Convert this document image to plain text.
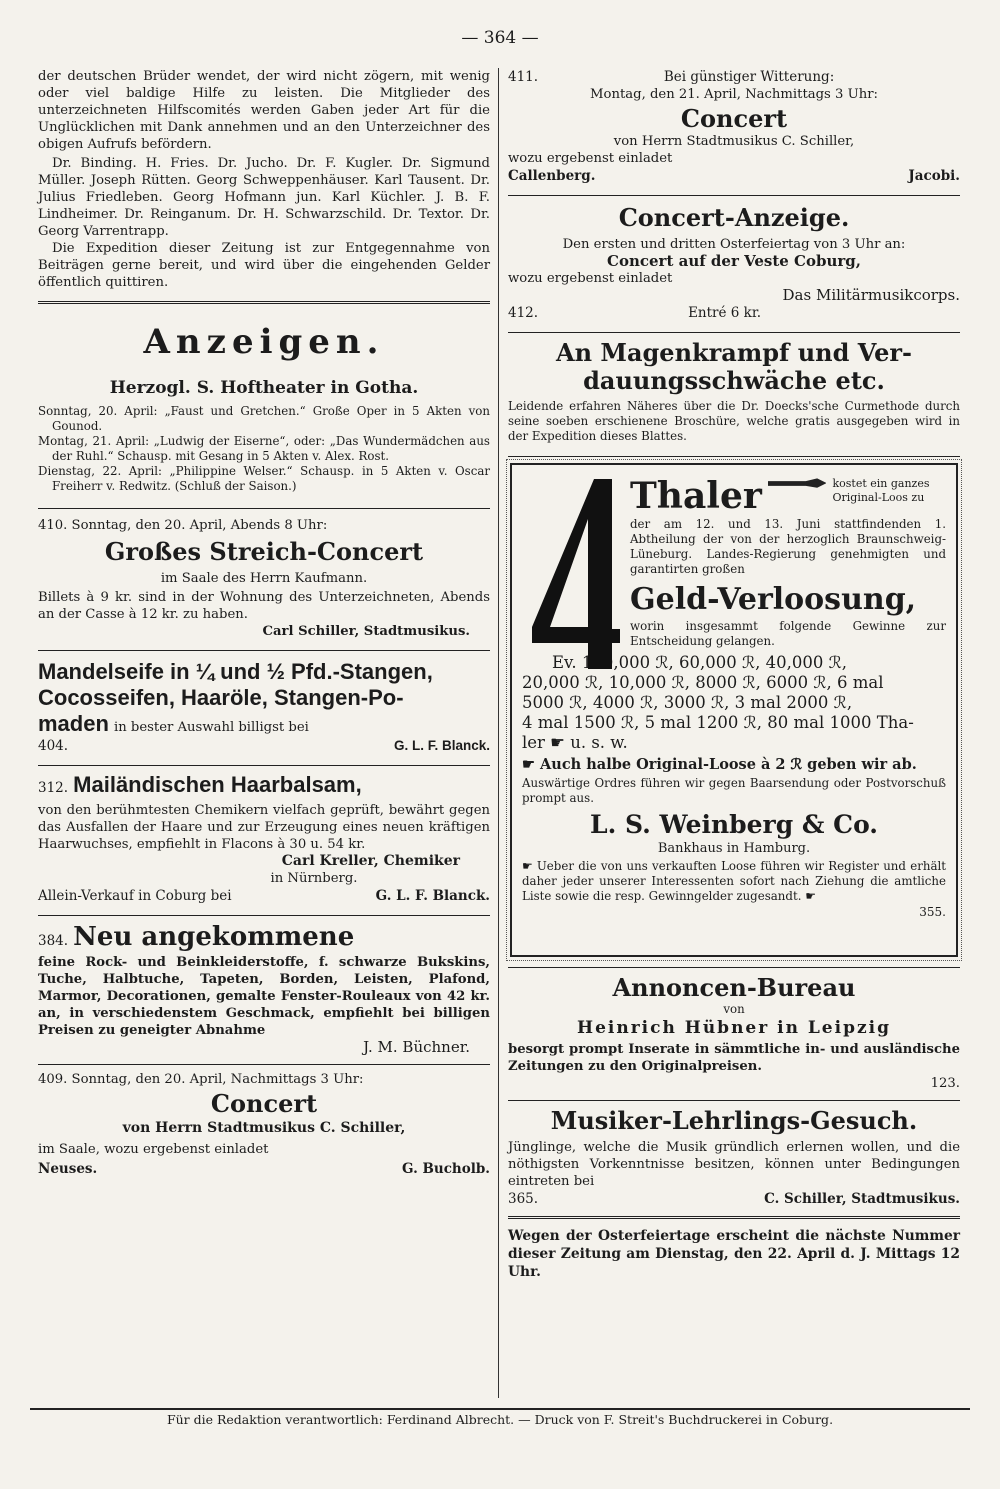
— 364 —

der deutschen Brüder wendet, der wird nicht zögern, mit wenig oder viel baldige Hilfe zu leisten. Die Mitglieder des unterzeichneten Hilfscomités werden Gaben jeder Art für die Unglücklichen mit Dank annehmen und an den Unterzeichner des obigen Aufrufs befördern.

Dr. Binding. H. Fries. Dr. Jucho. Dr. F. Kugler. Dr. Sigmund Müller. Joseph Rütten. Georg Schweppenhäuser. Karl Tausent. Dr. Julius Friedleben. Georg Hofmann jun. Karl Küchler. J. B. F. Lindheimer. Dr. Reinganum. Dr. H. Schwarzschild. Dr. Textor. Dr. Georg Varrentrapp.

Die Expedition dieser Zeitung ist zur Entgegennahme von Beiträgen gerne bereit, und wird über die eingehenden Gelder öffentlich quittiren.

Anzeigen.
Herzogl. S. Hoftheater in Gotha.

Sonntag, 20. April: „Faust und Gretchen.“ Große Oper in 5 Akten von Gounod.

Montag, 21. April: „Ludwig der Eiserne“, oder: „Das Wundermädchen aus der Ruhl.“ Schausp. mit Gesang in 5 Akten v. Alex. Rost.

Dienstag, 22. April: „Philippine Welser.“ Schausp. in 5 Akten v. Oscar Freiherr v. Redwitz. (Schluß der Saison.)

410. Sonntag, den 20. April, Abends 8 Uhr:

Großes Streich-Concert

im Saale des Herrn Kaufmann.

Billets à 9 kr. sind in der Wohnung des Unterzeichneten, Abends an der Casse à 12 kr. zu haben.

Carl Schiller, Stadtmusikus.

Mandelseife in ¼ und ½ Pfd.-Stangen,
Cocosseifen, Haaröle, Stangen-Po-
maden in bester Auswahl billigst bei
404.	G. L. F. Blanck.
312. Mailändischen Haarbalsam,

von den berühmtesten Chemikern vielfach geprüft, bewährt gegen das Ausfallen der Haare und zur Erzeugung eines neuen kräftigen Haarwuchses, empfiehlt in Flacons à 30 u. 54 kr.

Carl Kreller, Chemiker

in Nürnberg.

Allein-Verkauf in Coburg bei	G. L. F. Blanck.
384. Neu angekommene

feine Rock- und Beinkleiderstoffe, f. schwarze Bukskins, Tuche, Halbtuche, Tapeten, Borden, Leisten, Plafond, Marmor, Decorationen, gemalte Fenster-Rouleaux von 42 kr. an, in verschiedenstem Geschmack, empfiehlt bei billigen Preisen zu geneigter Abnahme

J. M. Büchner.

409. Sonntag, den 20. April, Nachmittags 3 Uhr:

Concert

von Herrn Stadtmusikus C. Schiller,

im Saale, wozu ergebenst einladet

Neuses.	G. Bucholb.
411.	Bei günstiger Witterung:

Montag, den 21. April, Nachmittags 3 Uhr:

Concert

von Herrn Stadtmusikus C. Schiller,

wozu ergebenst einladet

Callenberg.	Jacobi.
Concert-Anzeige.

Den ersten und dritten Osterfeiertag von 3 Uhr an:

Concert auf der Veste Coburg,

wozu ergebenst einladet

Das Militärmusikcorps.

412.	Entré 6 kr.
An Magenkrampf und Ver-
dauungsschwäche etc.

Leidende erfahren Näheres über die Dr. Doecks'sche Curmethode durch seine soeben erschienene Broschüre, welche gratis ausgegeben wird in der Expedition dieses Blattes.

Thaler	kostet ein ganzes Original-Loos zu

der am 12. und 13. Juni stattfindenden 1. Abtheilung der von der herzoglich Braunschweig-Lüneburg. Landes-Regierung genehmigten und garantirten großen

Geld-Verloosung,

worin insgesammt folgende Gewinne zur Entscheidung gelangen.

Ev. 100,000 ℛ, 60,000 ℛ, 40,000 ℛ,
20,000 ℛ, 10,000 ℛ, 8000 ℛ, 6000 ℛ, 6 mal
5000 ℛ, 4000 ℛ, 3000 ℛ, 3 mal 2000 ℛ,
4 mal 1500 ℛ, 5 mal 1200 ℛ, 80 mal 1000 Tha-
ler ☛ u. s. w.

☛ Auch halbe Original-Loose à 2 ℛ geben wir ab.

Auswärtige Ordres führen wir gegen Baarsendung oder Postvorschuß prompt aus.

L. S. Weinberg & Co.

Bankhaus in Hamburg.

☛ Ueber die von uns verkauften Loose führen wir Register und erhält daher jeder unserer Interessenten sofort nach Ziehung die amtliche Liste sowie die resp. Gewinngelder zugesandt. ☛

355.

Annoncen-Bureau

von

Heinrich Hübner in Leipzig

besorgt prompt Inserate in sämmtliche in- und ausländische Zeitungen zu den Originalpreisen.

123.

Musiker-Lehrlings-Gesuch.

Jünglinge, welche die Musik gründlich erlernen wollen, und die nöthigsten Vorkenntnisse besitzen, können unter Bedingungen eintreten bei

365.	C. Schiller, Stadtmusikus.

Wegen der Osterfeiertage erscheint die nächste Nummer dieser Zeitung am Dienstag, den 22. April d. J. Mittags 12 Uhr.

Für die Redaktion verantwortlich: Ferdinand Albrecht. — Druck von F. Streit's Buchdruckerei in Coburg.
